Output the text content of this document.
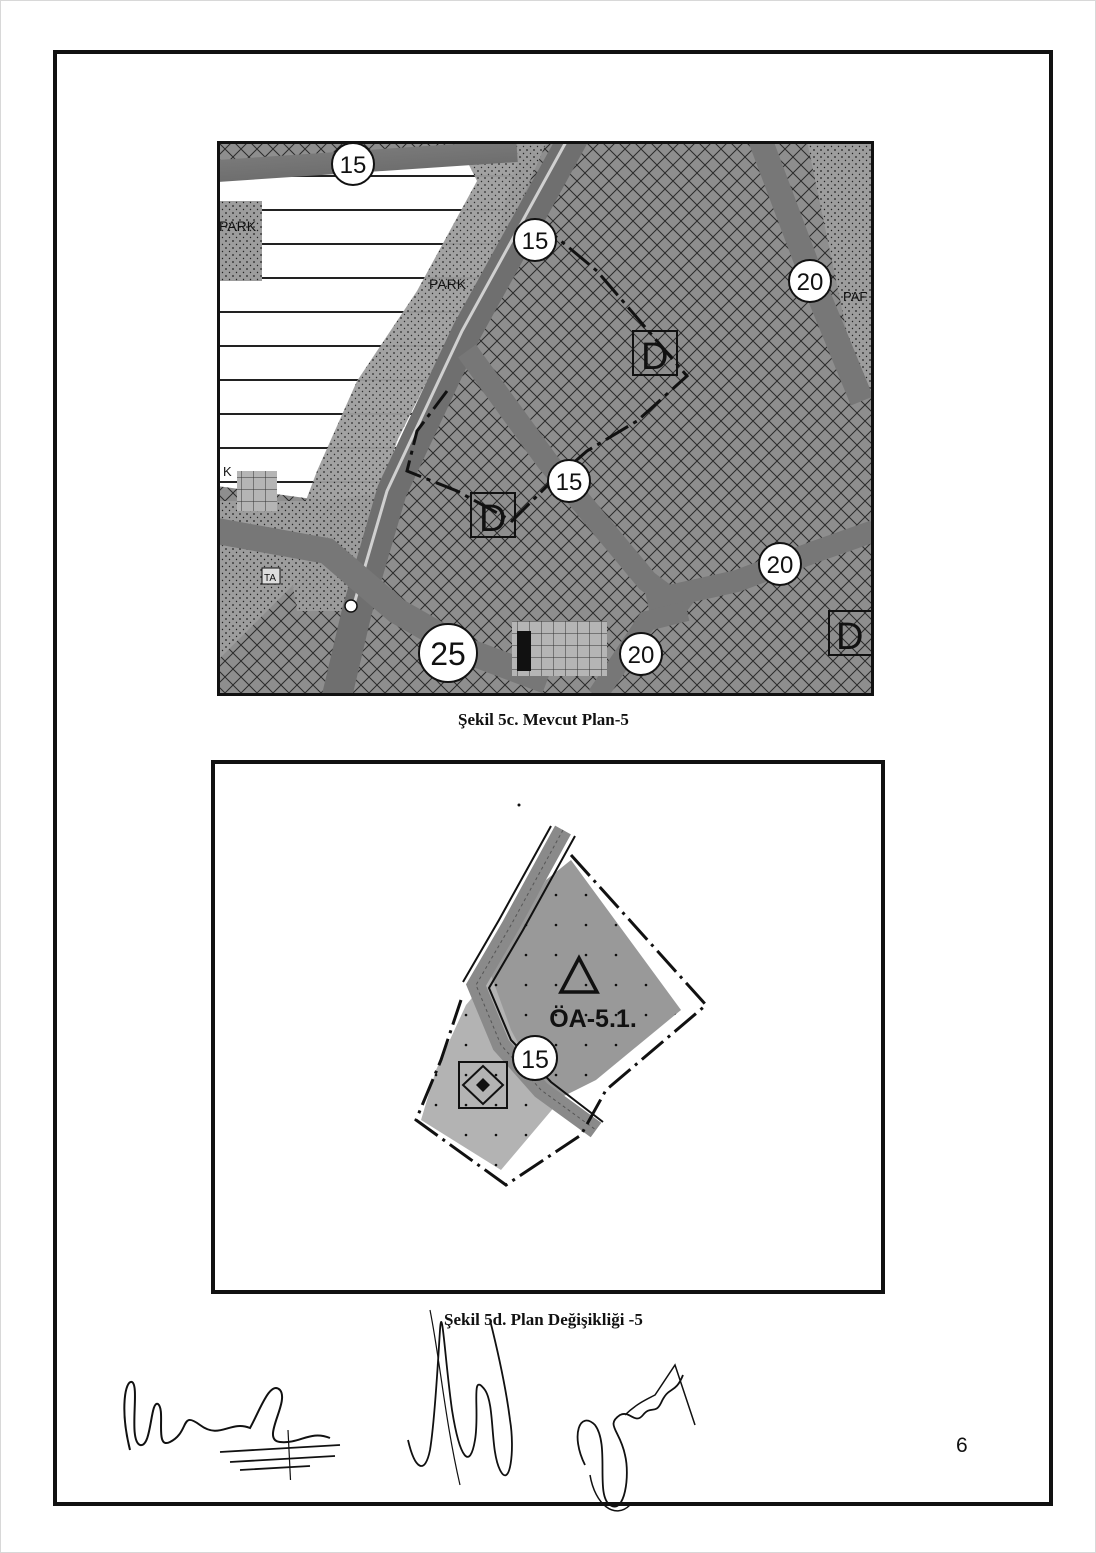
D
D
D
PARK
PARK
PAF
K
TA
15
15
15
20
20
20
25
Şekil 5c. Mevcut Plan-5
ÖA-5.1.
15
Şekil 5d. Plan Değişikliği -5
6
